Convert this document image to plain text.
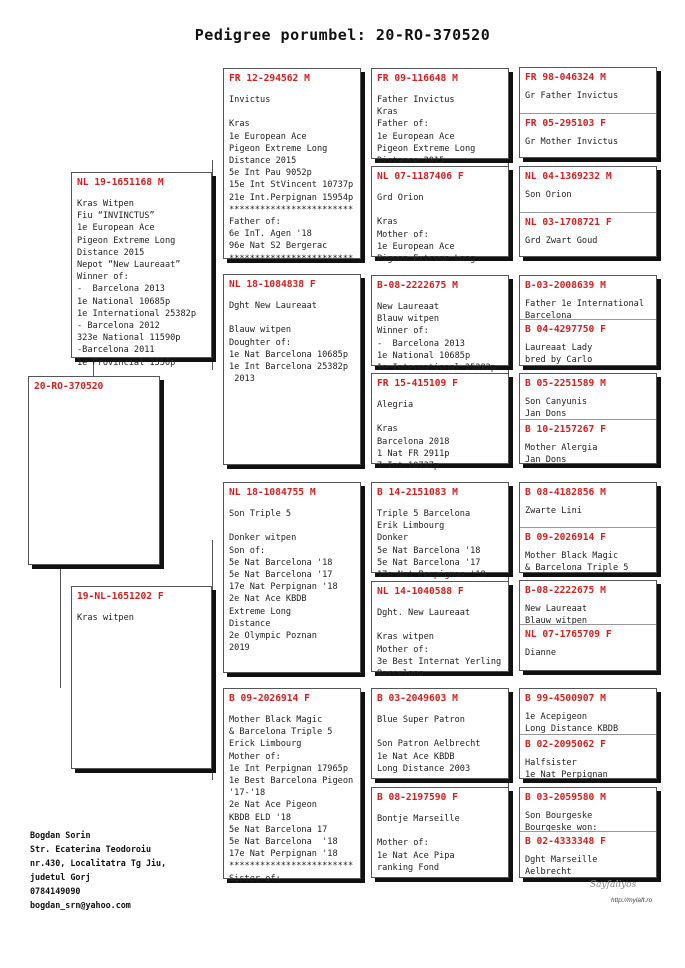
Pedigree porumbel: 20-RO-370520
20-RO-370520
NL 19-1651168 M
Kras Witpen
Fiu “INVINCTUS”
1e European Ace
Pigeon Extreme Long
Distance 2015
Nepot “New Laureaat”
Winner of:
-  Barcelona 2013
1e National 10685p
1e International 25382p
- Barcelona 2012
323e National 11590p
-Barcelona 2011
1e Provincial 1550p
19-NL-1651202 F
Kras witpen
FR 12-294562 M
Invictus

Kras
1e European Ace
Pigeon Extreme Long
Distance 2015
5e Int Pau 9052p
15e Int StVincent 10737p
21e Int.Perpignan 15954p
************************
Father of:
6e InT. Agen '18
96e Nat S2 Bergerac
************************
NL 18-1084838 F
Dght New Laureaat

Blauw witpen
Doughter of:
1e Nat Barcelona 10685p
1e Int Barcelona 25382p
2013
NL 18-1084755 M
Son Triple 5

Donker witpen
Son of:
5e Nat Barcelona '18
5e Nat Barcelona '17
17e Nat Perpignan '18
2e Nat Ace KBDB
Extreme Long
Distance
2e Olympic Poznan
2019
B 09-2026914 F
Mother Black Magic
& Barcelona Triple 5
Erick Limbourg
Mother of:
1e Int Perpignan 17965p
1e Best Barcelona Pigeon
'17-'18
2e Nat Ace Pigeon
KBDB ELD '18
5e Nat Barcelona 17
5e Nat Barcelona  '18
17e Nat Perpignan '18
************************
Sister of:
FR 09-116648 M
Father Invictus
Kras
Father of:
1e European Ace
Pigeon Extreme Long
Distance 2015
NL 07-1187406 F
Grd Orion

Kras
Mother of:
1e European Ace
Pigeon Extreme Long
B-08-2222675 M
New Laureaat
Blauw witpen
Winner of:
-  Barcelona 2013
1e National 10685p
1e International 25382p
FR 15-415109 F
Alegria

Kras
Barcelona 2018
1 Nat FR 2911p
7 Int 10737p
B 14-2151083 M
Triple 5 Barcelona
Erik Limbourg
Donker
5e Nat Barcelona '18
5e Nat Barcelona '17
17e Nat Perpignan '18
NL 14-1040588 F
Dght. New Laureaat

Kras witpen
Mother of:
3e Best Internat Yerling
Barcelona
B 03-2049603 M
Blue Super Patron

Son Patron Aelbrecht
1e Nat Ace KBDB
Long Distance 2003
B 08-2197590 F
Bontje Marseille

Mother of:
1e Nat Ace Pipa
ranking Fond
FR 98-046324 M
Gr Father Invictus
FR 05-295103 F
Gr Mother Invictus
NL 04-1369232 M
Son Orion
NL 03-1708721 F
Grd Zwart Goud
B-03-2008639 M
Father 1e International
Barcelona
B 04-4297750 F
Laureaat Lady
bred by Carlo
B 05-2251589 M
Son Canyunis
Jan Dons
B 10-2157267 F
Mother Alergia
Jan Dons
B 08-4182856 M
Zwarte Lini
B 09-2026914 F
Mother Black Magic
& Barcelona Triple 5
B-08-2222675 M
New Laureaat
Blauw witpen
NL 07-1765709 F
Dianne
B 99-4500907 M
1e Acepigeon
Long Distance KBDB
B 02-2095062 F
Halfsister
1e Nat Perpignan
B 03-2059580 M
Son Bourgeske
Bourgeske won:
B 02-4333348 F
Dght Marseille
Aelbrecht
Bogdan Sorin
Str. Ecaterina Teodoroiu
nr.430, Localitatra Tg Jiu,
judetul Gorj
0784149090
bogdan_srn@yahoo.com
Sayfaliyos
http://mylaft.ro
